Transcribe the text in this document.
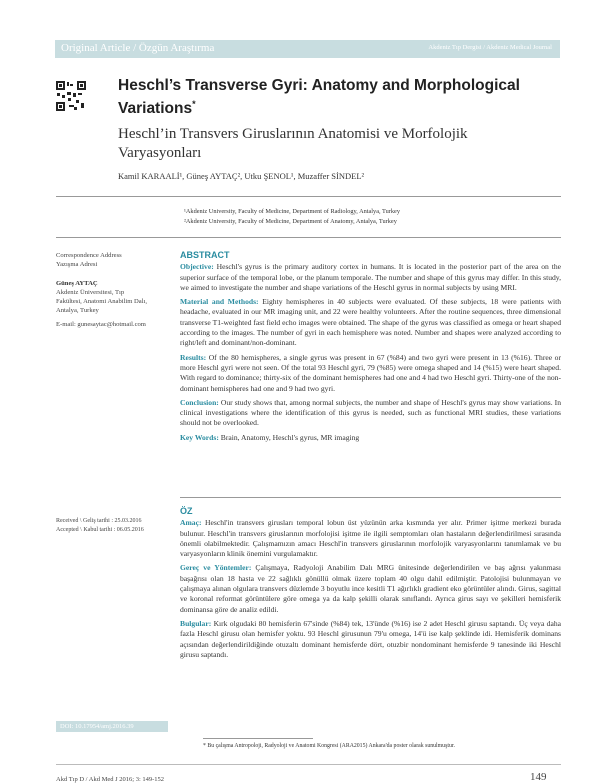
Original Article / Özgün Araştırma	Akdeniz Tıp Dergisi / Akdeniz Medical Journal
Heschl’s Transverse Gyri: Anatomy and Morphological Variations*
Heschl’in Transvers Giruslarının Anatomisi ve Morfolojik Varyasyonları
Kamil KARAALİ¹, Güneş AYTAÇ², Utku ŞENOL¹, Muzaffer SİNDEL²
¹Akdeniz University, Faculty of Medicine, Department of Radiology, Antalya, Turkey
²Akdeniz University, Faculty of Medicine, Department of Anatomy, Antalya, Turkey
Correspondence Address
Yazışma Adresi
Güneş AYTAÇ
Akdeniz Üniversitesi, Tıp
Fakültesi, Anatomi Anabilim Dalı,
Antalya, Turkey
E-mail: gunesaytac@hotmail.com
Received \ Geliş tarihi : 25.03.2016
Accepted \ Kabul tarihi : 06.05.2016
ABSTRACT

Objective: Heschl's gyrus is the primary auditory cortex in humans. It is located in the posterior part of the area on the superior surface of the temporal lobe, or the planum temporale. The number and shape of this gyrus may differ. In this study, we aimed to investigate the number and shape variations of the Heschl gyrus in normal subjects by using MRI.

Material and Methods: Eighty hemispheres in 40 subjects were evaluated. Of these subjects, 18 were patients with headache, evaluated in our MR imaging unit, and 22 were healthy volunteers. After the routine sequences, three dimensional transverse T1-weighted fast field echo images were obtained. The shape of the gyrus was classified as omega or heart shaped according to the images. The number of gyri in each hemisphere was noted. Number and shapes were analyzed according to right/left and dominant/non-dominant.

Results: Of the 80 hemispheres, a single gyrus was present in 67 (%84) and two gyri were present in 13 (%16). Three or more Heschl gyri were not seen. Of the total 93 Heschl gyri, 79 (%85) were omega shaped and 14 (%15) were heart shaped. With regard to dominance; thirty-six of the dominant hemispheres had one and 4 had two Heschl gyri. Thirty-one of the non-dominant hemispheres had one and 9 had two gyri.

Conclusion: Our study shows that, among normal subjects, the number and shape of Heschl's gyrus may show variations. In clinical investigations where the identification of this gyrus is needed, such as functional MRI studies, these variations should not be overlooked.

Key Words: Brain, Anatomy, Heschl's gyrus, MR imaging

ÖZ

Amaç: Heschl'in transvers girusları temporal lobun üst yüzünün arka kısmında yer alır. Primer işitme merkezi burada bulunur. Heschl'in transvers giruslarının morfolojisi işitme ile ilgili semptomları olan hastaların değerlendirilmesi sırasında önemli olabilmektedir. Çalışmamızın amacı Heschl'in transvers giruslarının morfolojik varyasyonlarını tanımlamak ve bu varyasyonların klinik önemini vurgulamaktır.

Gereç ve Yöntemler: Çalışmaya, Radyoloji Anabilim Dalı MRG ünitesinde değerlendirilen ve baş ağrısı yakınması başağrısı olan 18 hasta ve 22 sağlıklı gönüllü olmak üzere toplam 40 olgu dahil edilmiştir. Patolojisi bulunmayan ve çalışmaya alınan olgulara transvers düzlemde 3 boyutlu ince kesitli T1 ağırlıklı gradient eko görüntüler alındı. Girus, sagittal ve koronal reformat görüntülere göre omega ya da kalp şekilli olarak sınıflandı. Ayrıca girus sayı ve şekilleri hemisferik dominansa göre de analiz edildi.

Bulgular: Kırk olgudaki 80 hemisferin 67'sinde (%84) tek, 13'ünde (%16) ise 2 adet Heschl girusu saptandı. Üç veya daha fazla Heschl girusu olan hemisfer yoktu. 93 Heschl girusunun 79'u omega, 14'ü ise kalp şeklinde idi. Hemisferik dominans açısından değerlendirildiğinde otuzaltı dominant hemisferde dört, otuzbir nondominant hemisferde 9 tanesinde iki Heschl girusu saptandı.

DOI: 10.17954/amj.2016.39
* Bu çalışma Antropoloji, Radyoloji ve Anatomi Kongresi (ARA2015) Ankara'da poster olarak sunulmuştur.
Akd Tıp D / Akd Med J 2016; 3: 149-152	149
